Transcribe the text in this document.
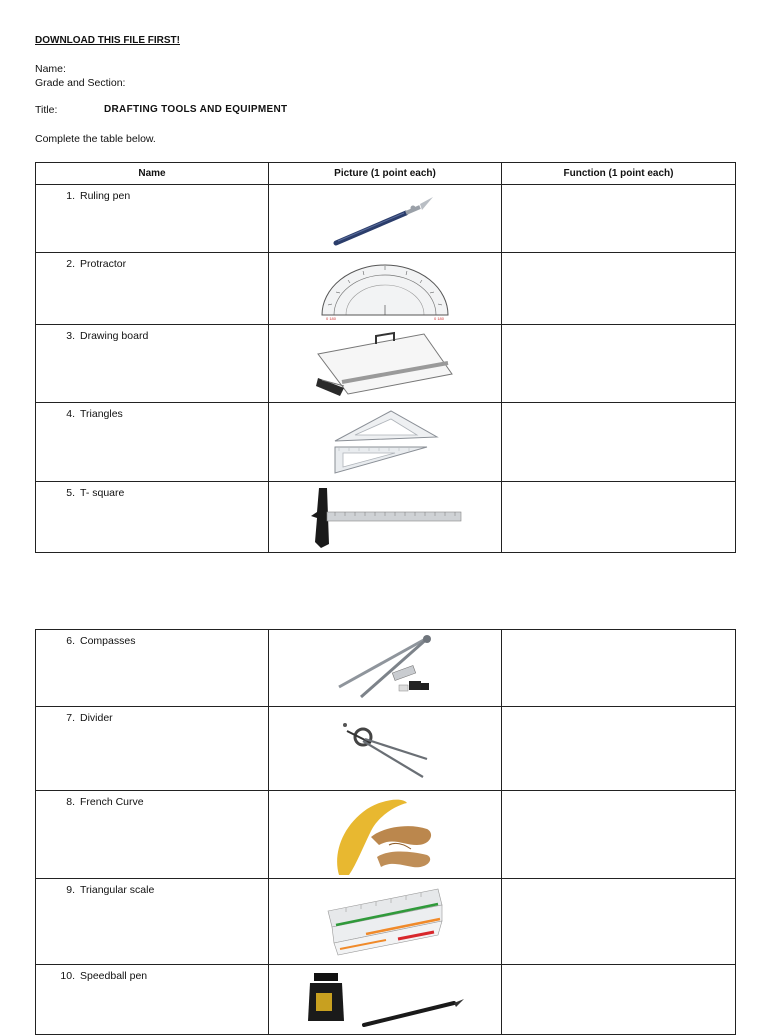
DOWNLOAD THIS FILE FIRST!
Name:
Grade and Section:
Title:	DRAFTING TOOLS AND EQUIPMENT
Complete the table below.
Name	Picture (1 point each)	Function (1 point each)
1. Ruling pen	

2. Protractor	0 180 0 180	

3. Drawing board	

4. Triangles	

5. T- square	

6. Compasses	

7. Divider	

8. French Curve	

9. Triangular scale	

10. Speedball pen	
